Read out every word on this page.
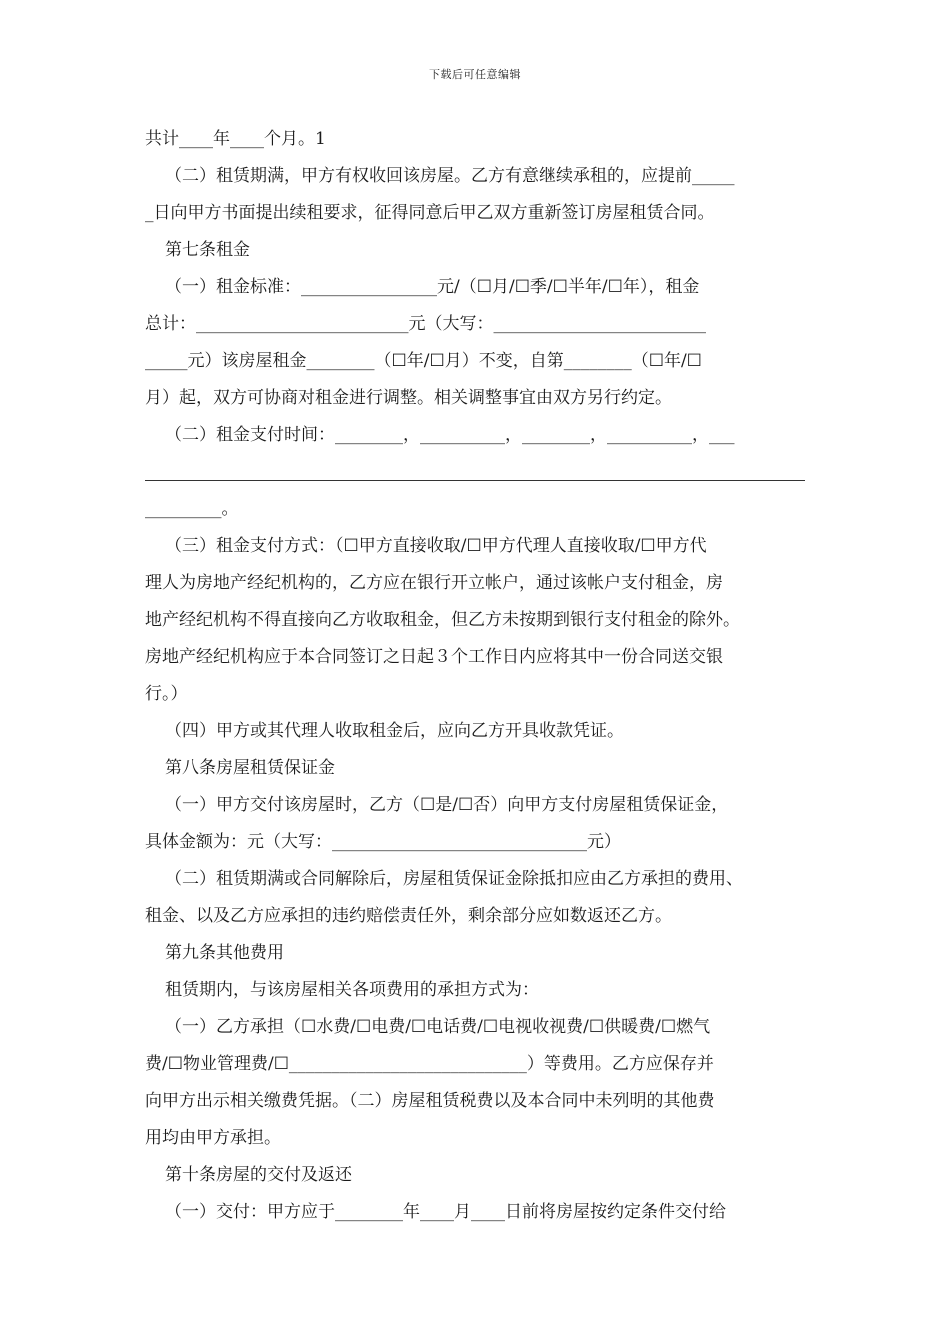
下载后可任意编辑
共计____年____个月。1
（二）租赁期满，甲方有权收回该房屋。乙方有意继续承租的，应提前_____
_日向甲方书面提出续租要求，征得同意后甲乙双方重新签订房屋租赁合同。
第七条租金
（一）租金标准：________________元/（☐月/☐季/☐半年/☐年），租金
总计：_________________________元（大写：_________________________
_____元）该房屋租金________（☐年/☐月）不变，自第________（☐年/☐
月）起，双方可协商对租金进行调整。相关调整事宜由双方另行约定。
（二）租金支付时间：________，__________，________，__________，___
_________。
（三）租金支付方式：（☐甲方直接收取/☐甲方代理人直接收取/☐甲方代
理人为房地产经纪机构的，乙方应在银行开立帐户，通过该帐户支付租金，房
地产经纪机构不得直接向乙方收取租金，但乙方未按期到银行支付租金的除外。
房地产经纪机构应于本合同签订之日起３个工作日内应将其中一份合同送交银
行。）
（四）甲方或其代理人收取租金后，应向乙方开具收款凭证。
第八条房屋租赁保证金
（一）甲方交付该房屋时，乙方（☐是/☐否）向甲方支付房屋租赁保证金，
具体金额为：元（大写：______________________________元）
（二）租赁期满或合同解除后，房屋租赁保证金除抵扣应由乙方承担的费用、
租金、以及乙方应承担的违约赔偿责任外，剩余部分应如数返还乙方。
第九条其他费用
租赁期内，与该房屋相关各项费用的承担方式为：
（一）乙方承担（☐水费/☐电费/☐电话费/☐电视收视费/☐供暖费/☐燃气
费/☐物业管理费/☐____________________________）等费用。乙方应保存并
向甲方出示相关缴费凭据。（二）房屋租赁税费以及本合同中未列明的其他费
用均由甲方承担。
第十条房屋的交付及返还
（一）交付：甲方应于________年____月____日前将房屋按约定条件交付给
